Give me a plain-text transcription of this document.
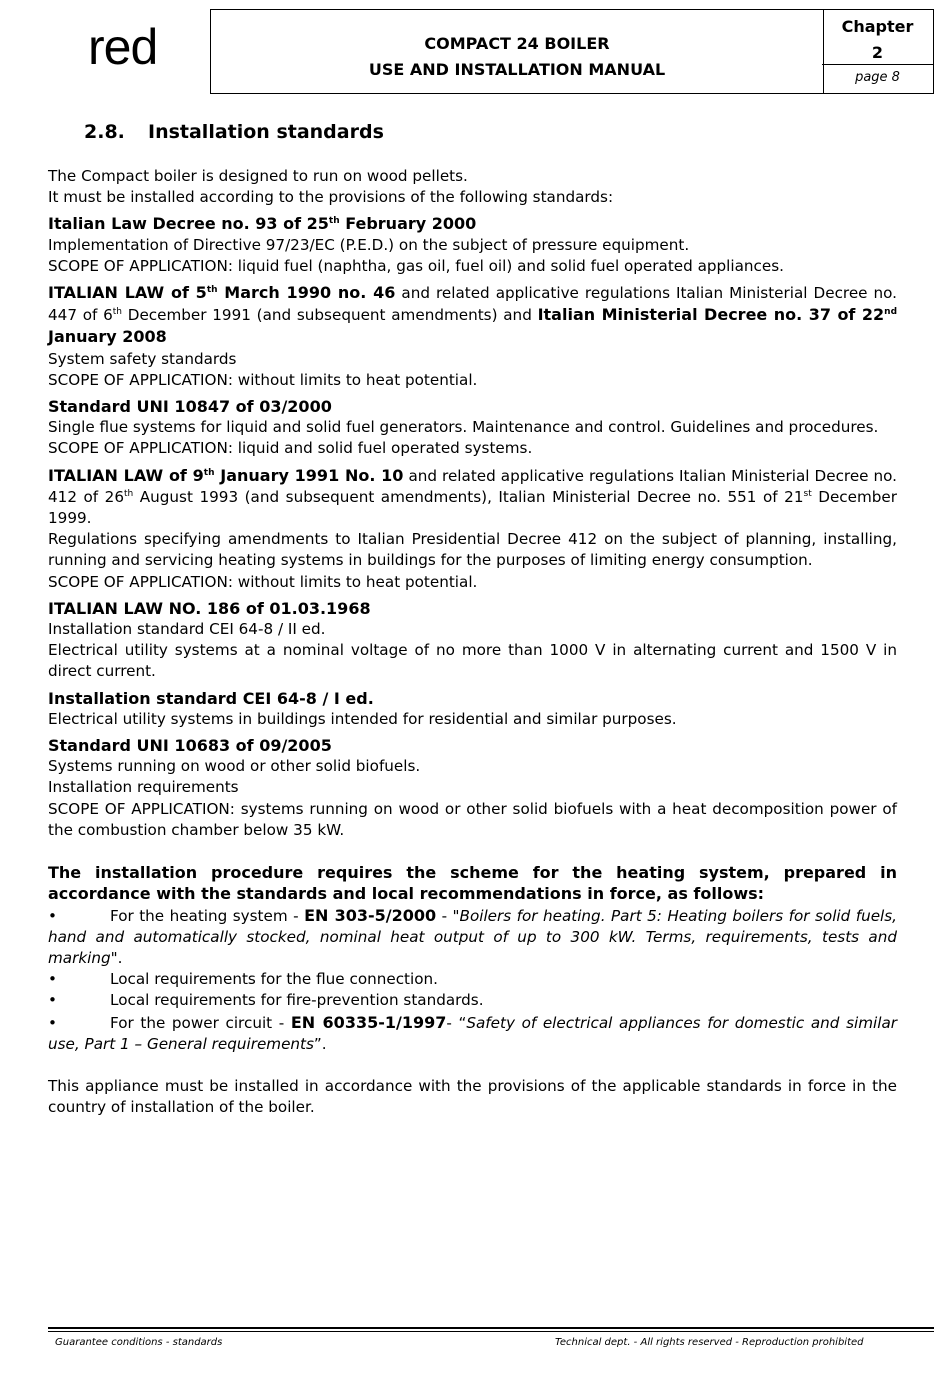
red	COMPACT 24 BOILER
USE AND INSTALLATION MANUAL
Chapter
2
page 8
2.8. Installation standards

The Compact boiler is designed to run on wood pellets.

It must be installed according to the provisions of the following standards:

Italian Law Decree no. 93 of 25th February 2000

Implementation of Directive 97/23/EC (P.E.D.) on the subject of pressure equipment.

SCOPE OF APPLICATION: liquid fuel (naphtha, gas oil, fuel oil) and solid fuel operated appliances.

ITALIAN LAW of 5th March 1990 no. 46 and related applicative regulations Italian Ministerial Decree no. 447 of 6th December 1991 (and subsequent amendments) and Italian Ministerial Decree no. 37 of 22nd January 2008

System safety standards

SCOPE OF APPLICATION: without limits to heat potential.

Standard UNI 10847 of 03/2000

Single flue systems for liquid and solid fuel generators. Maintenance and control. Guidelines and procedures.

SCOPE OF APPLICATION: liquid and solid fuel operated systems.

ITALIAN LAW of 9th January 1991 No. 10 and related applicative regulations Italian Ministerial Decree no. 412 of 26th August 1993 (and subsequent amendments), Italian Ministerial Decree no. 551 of 21st December 1999.

Regulations specifying amendments to Italian Presidential Decree 412 on the subject of planning, installing, running and servicing heating systems in buildings for the purposes of limiting energy consumption.

SCOPE OF APPLICATION: without limits to heat potential.

ITALIAN LAW NO. 186 of 01.03.1968

Installation standard CEI 64-8 / II ed.

Electrical utility systems at a nominal voltage of no more than 1000 V in alternating current and 1500 V in direct current.

Installation standard CEI 64-8 / I ed.

Electrical utility systems in buildings intended for residential and similar purposes.

Standard UNI 10683 of 09/2005

Systems running on wood or other solid biofuels.

Installation requirements

SCOPE OF APPLICATION: systems running on wood or other solid biofuels with a heat decomposition power of the combustion chamber below 35 kW.

The installation procedure requires the scheme for the heating system, prepared in accordance with the standards and local recommendations in force, as follows:

•	For the heating system - EN 303-5/2000 - "Boilers for heating. Part 5: Heating boilers for solid fuels, hand and automatically stocked, nominal heat output of up to 300 kW. Terms, requirements, tests and marking".

•	Local requirements for the flue connection.

•	Local requirements for fire-prevention standards.

•	For the power circuit - EN 60335-1/1997- “Safety of electrical appliances for domestic and similar use, Part 1 – General requirements”.

This appliance must be installed in accordance with the provisions of the applicable standards in force in the country of installation of the boiler.

Guarantee conditions - standards	Technical dept. - All rights reserved - Reproduction prohibited
